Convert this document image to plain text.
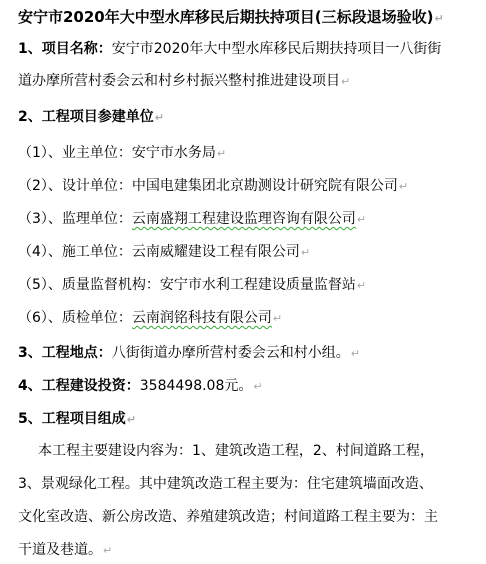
安宁市2020年大中型水库移民后期扶持项目(三标段退场验收)↵
1、项目名称：安宁市2020年大中型水库移民后期扶持项目一八街街
道办摩所营村委会云和村乡村振兴整村推进建设项目↵
2、工程项目参建单位↵
（1）、业主单位：安宁市水务局↵
（2）、设计单位：中国电建集团北京勘测设计研究院有限公司↵
（3）、监理单位：云南盛翔工程建设监理咨询有限公司↵
（4）、施工单位：云南威耀建设工程有限公司↵
（5）、质量监督机构：安宁市水利工程建设质量监督站↵
（6）、质检单位：云南润铭科技有限公司↵
3、工程地点：八街街道办摩所营村委会云和村小组。↵
4、工程建设投资：3584498.08元。↵
5、工程项目组成↵
本工程主要建设内容为：1、建筑改造工程，2、村间道路工程，
3、景观绿化工程。其中建筑改造工程主要为：住宅建筑墙面改造、
文化室改造、新公房改造、养殖建筑改造；村间道路工程主要为：主
干道及巷道。↵
